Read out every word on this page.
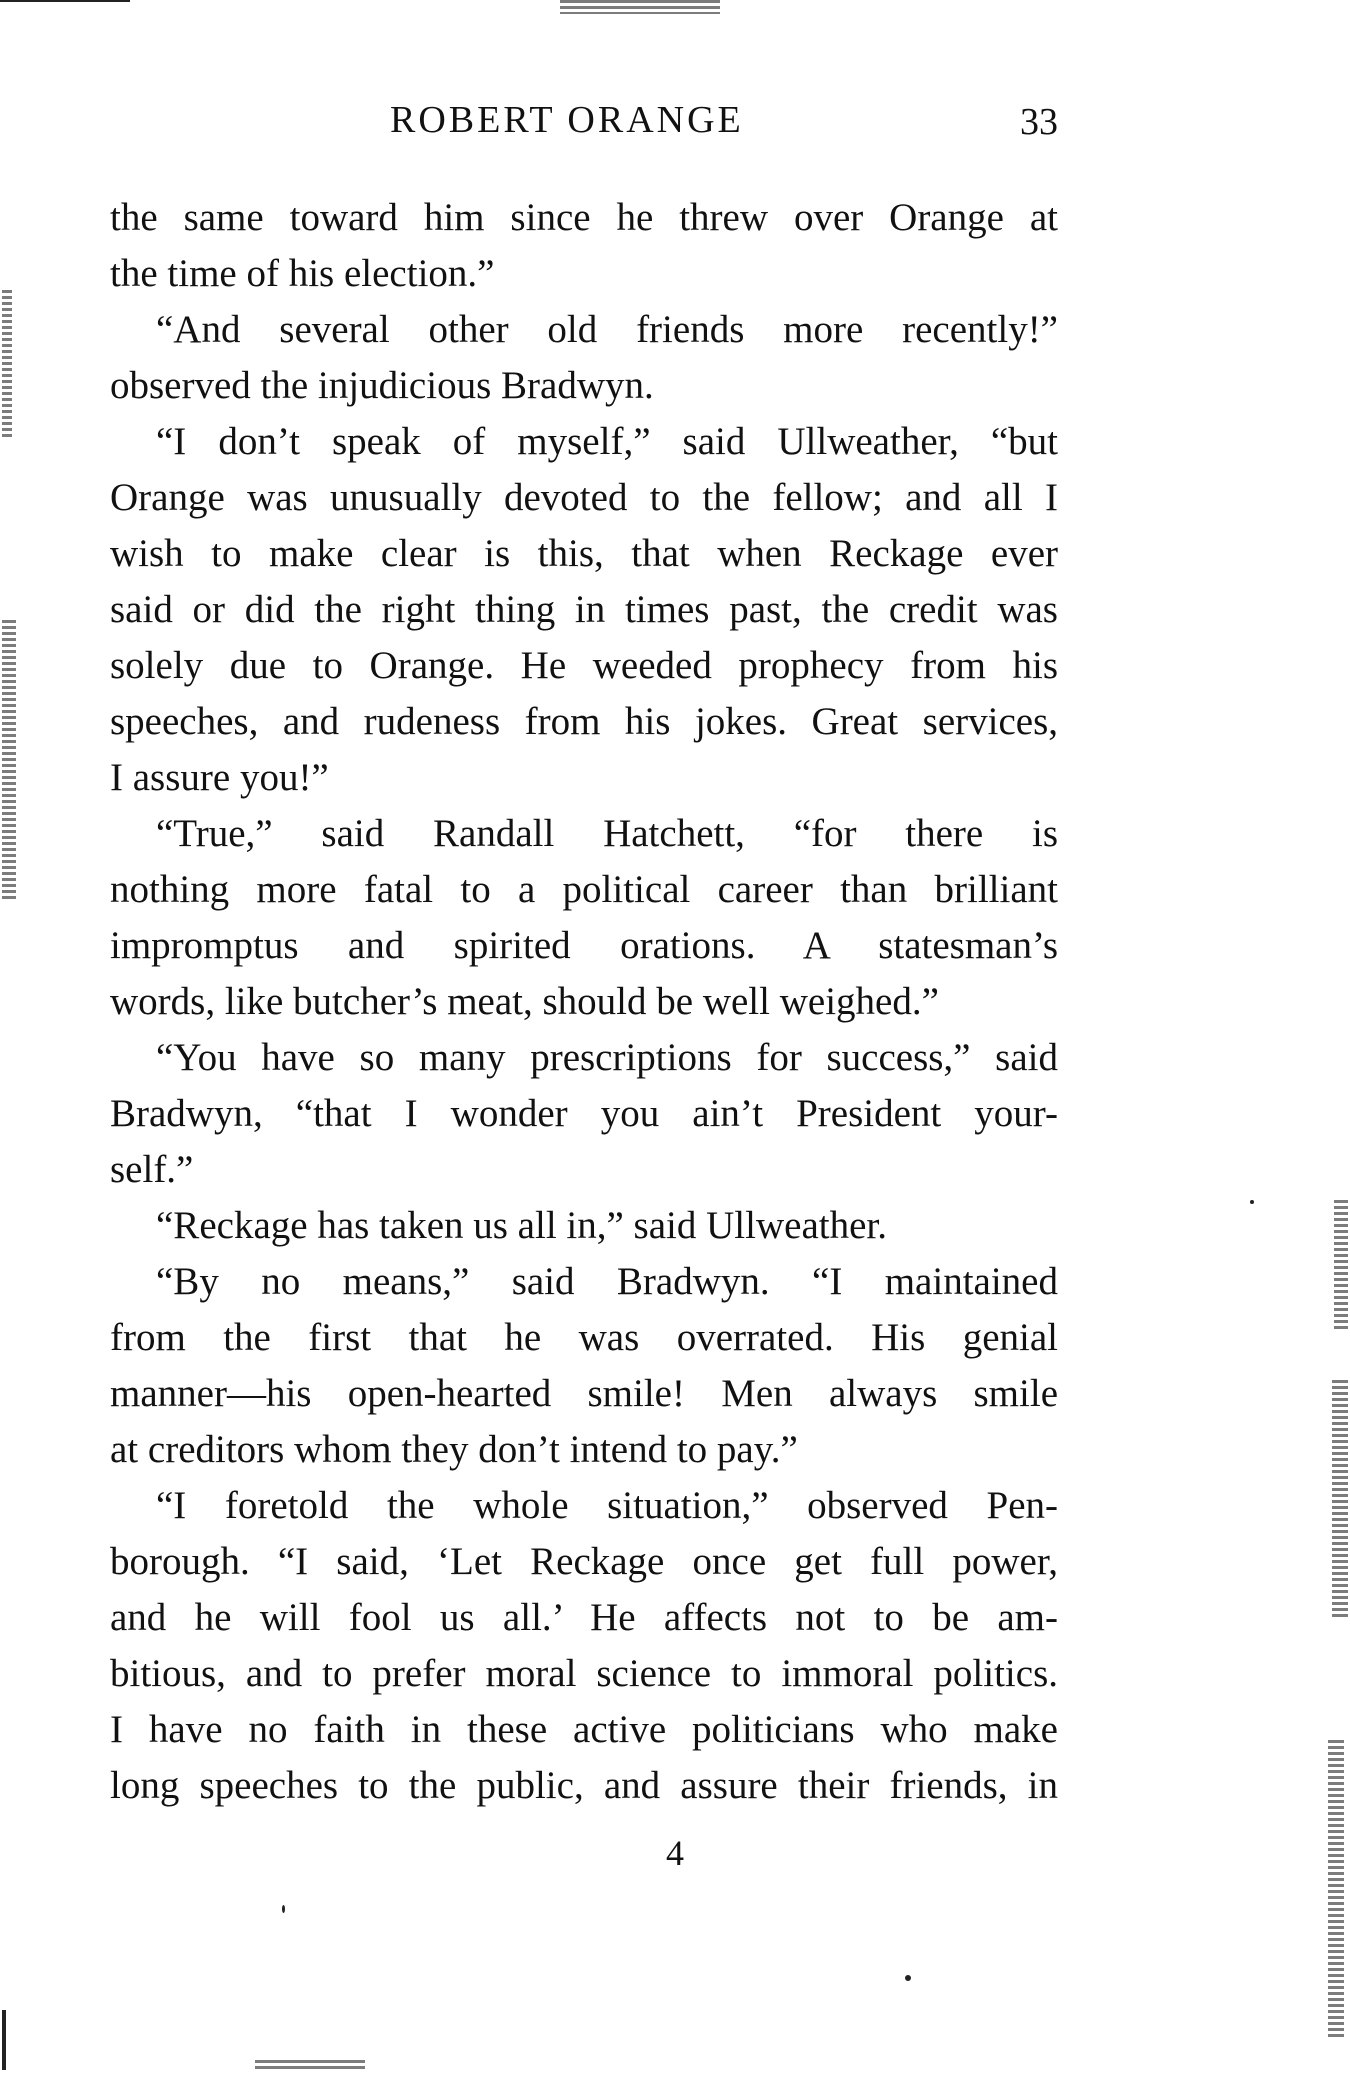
ROBERT ORANGE	33
the same toward him since he threw over Orange at
the time of his election.”
“And several other old friends more recently!”
observed the injudicious Bradwyn.
“I don’t speak of myself,” said Ullweather, “but
Orange was unusually devoted to the fellow; and all I
wish to make clear is this, that when Reckage ever
said or did the right thing in times past, the credit was
solely due to Orange. He weeded prophecy from his
speeches, and rudeness from his jokes. Great services,
I assure you!”
“True,” said Randall Hatchett, “for there is
nothing more fatal to a political career than brilliant
impromptus and spirited orations. A statesman’s
words, like butcher’s meat, should be well weighed.”
“You have so many prescriptions for success,” said
Bradwyn, “that I wonder you ain’t President your-
self.”
“Reckage has taken us all in,” said Ullweather.
“By no means,” said Bradwyn. “I maintained
from the first that he was overrated. His genial
manner—his open-hearted smile! Men always smile
at creditors whom they don’t intend to pay.”
“I foretold the whole situation,” observed Pen-
borough. “I said, ‘Let Reckage once get full power,
and he will fool us all.’ He affects not to be am-
bitious, and to prefer moral science to immoral politics.
I have no faith in these active politicians who make
long speeches to the public, and assure their friends, in
4
